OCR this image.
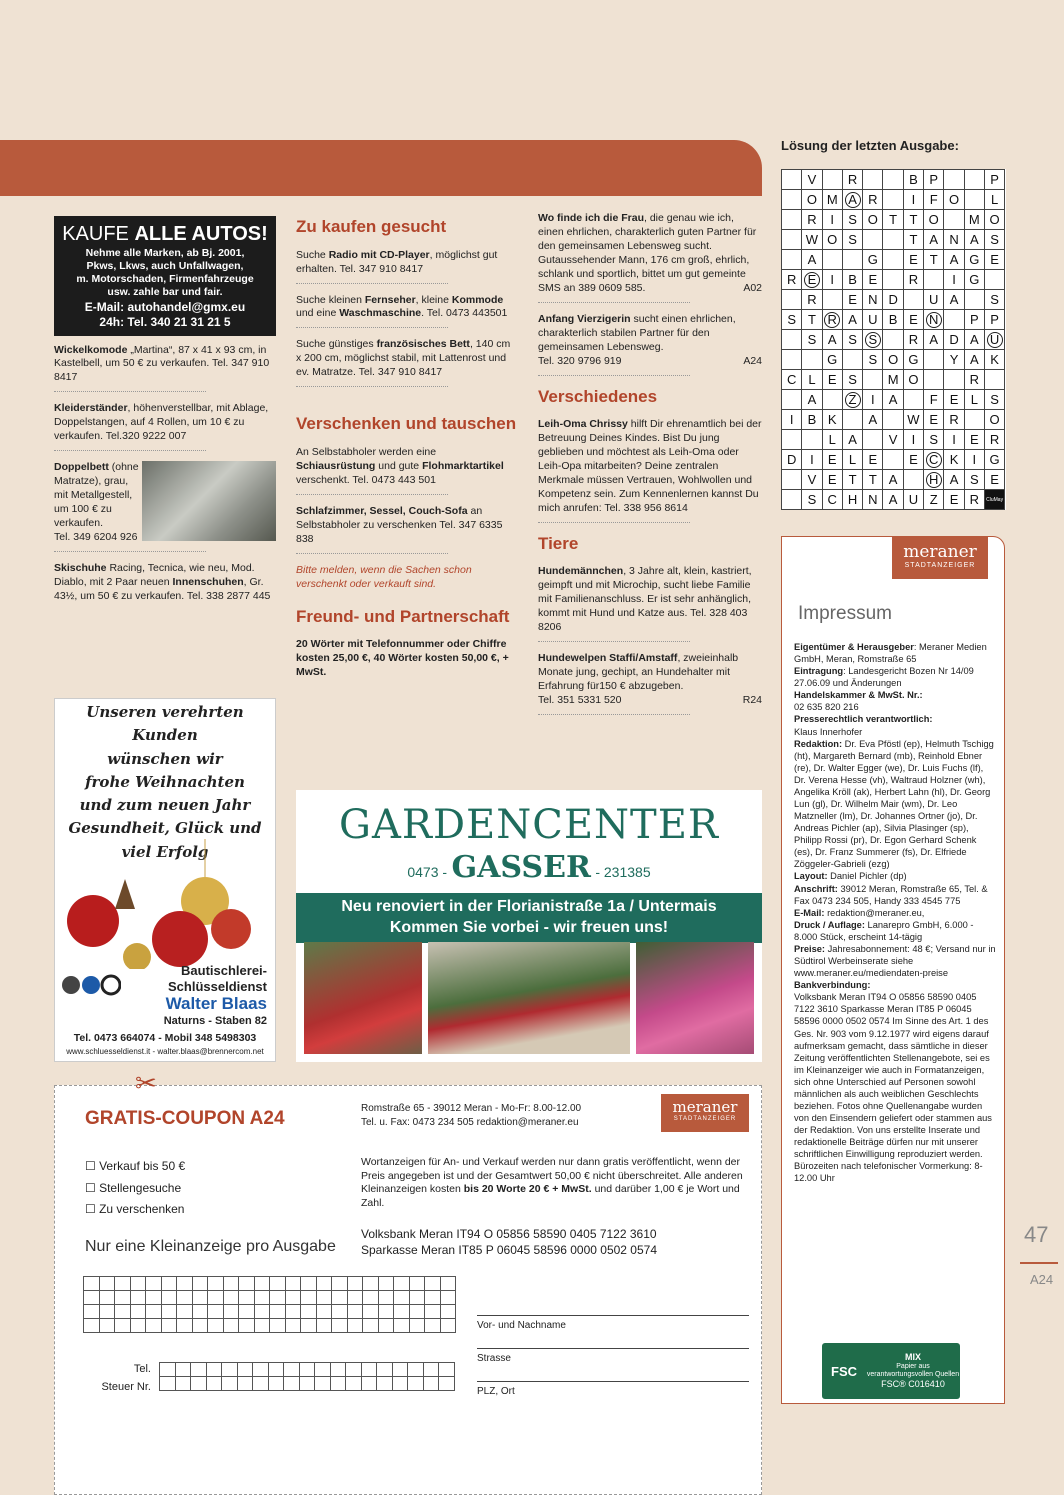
KAUFE ALLE AUTOS!
Nehme alle Marken, ab Bj. 2001,
Pkws, Lkws, auch Unfallwagen,
m. Motorschaden, Firmenfahrzeuge
usw. zahle bar und fair.
E-Mail: autohandel@gmx.eu
24h: Tel. 340 21 31 21 5
Wickelkomode „Martina“, 87 x 41 x 93 cm, in Kastelbell, um 50 € zu verkaufen. Tel. 347 910 8417
Kleiderständer, höhenverstellbar, mit Ablage, Doppelstangen, auf 4 Rollen, um 10 € zu verkaufen. Tel.320 9222 007
Doppelbett (ohne Matratze), grau, mit Metallgestell, um 100 € zu verkaufen.
Tel. 349 6204 926
Skischuhe Racing, Tecnica, wie neu, Mod. Diablo, mit 2 Paar neuen Innenschuhen, Gr. 43½, um 50 € zu verkaufen. Tel. 338 2877 445
Unseren verehrten Kunden
wünschen wir
frohe Weihnachten
und zum neuen Jahr
Gesundheit, Glück und
viel Erfolg
Bautischlerei-
Schlüsseldienst
Walter Blaas
Naturns - Staben 82
Tel. 0473 664074 - Mobil 348 5498303
www.schluesseldienst.it - walter.blaas@brennercom.net
Zu kaufen gesucht
Suche Radio mit CD-Player, möglichst gut erhalten. Tel. 347 910 8417
Suche kleinen Fernseher, kleine Kommode und eine Waschmaschine. Tel. 0473 443501
Suche günstiges französisches Bett, 140 cm x 200 cm, möglichst stabil, mit Lattenrost und ev. Matratze. Tel. 347 910 8417
Verschenken und tauschen
An Selbstabholer werden eine Schiausrüstung und gute Flohmarktartikel verschenkt. Tel. 0473 443 501
Schlafzimmer, Sessel, Couch-Sofa an Selbstabholer zu verschenken Tel. 347 6335 838
Bitte melden, wenn die Sachen schon verschenkt oder verkauft sind.
Freund- und Partnerschaft
20 Wörter mit Telefonnummer oder Chiffre kosten 25,00 €, 40 Wörter kosten 50,00 €, + MwSt.
Wo finde ich die Frau, die genau wie ich, einen ehrlichen, charakterlich guten Partner für den gemeinsamen Lebensweg sucht. Gutaussehender Mann, 176 cm groß, ehrlich, schlank und sportlich, bittet um gut gemeinte SMS an 389 0609 585.	A02
Anfang Vierzigerin sucht einen ehrlichen, charakterlich stabilen Partner für den gemeinsamen Lebensweg.
Tel. 320 9796 919	A24
Verschiedenes
Leih-Oma Chrissy hilft Dir ehrenamtlich bei der Betreuung Deines Kindes. Bist Du jung geblieben und möchtest als Leih-Oma oder Leih-Opa mitarbeiten? Deine zentralen Merkmale müssen Vertrauen, Wohlwollen und Kompetenz sein. Zum Kennenlernen kannst Du mich anrufen: Tel. 338 956 8614
Tiere
Hundemännchen, 3 Jahre alt, klein, kastriert, geimpft und mit Microchip, sucht liebe Familie mit Familienanschluss. Er ist sehr anhänglich, kommt mit Hund und Katze aus. Tel. 328 403 8206
Hundewelpen Staffi/Amstaff, zweieinhalb Monate jung, gechipt, an Hundehalter mit Erfahrung für150 € abzugeben.
Tel. 351 5331 520	R24
GARDENCENTER
0473 - GASSER - 231385
Neu renoviert in der Florianistraße 1a / Untermais
Kommen Sie vorbei - wir freuen uns!
Lösung der letzten Ausgabe:
	V		R			B	P			P
	O	M	A	R		I	F	O		L
	R	I	S	O	T	T	O		M	O
	W	O	S			T	A	N	A	S
	A			G		E	T	A	G	E
R	E	I	B	E		R		I	G	
	R		E	N	D		U	A		S
S	T	R	A	U	B	E	N		P	P
	S	A	S	S		R	A	D	A	U
		G		S	O	G		Y	A	K
C	L	E	S		M	O			R	
	A		Z	I	A		F	E	L	S
I	B	K		A		W	E	R		O
		L	A		V	I	S	I	E	R
D	I	E	L	E		E	C	K	I	G
	V	E	T	T	A		H	A	S	E
	S	C	H	N	A	U	Z	E	R	CluMay
meraner
STADTANZEIGER
Impressum
Eigentümer & Herausgeber: Meraner Medien GmbH, Meran, Romstraße 65
Eintragung: Landesgericht Bozen Nr 14/09 27.06.09 und Änderungen
Handelskammer & MwSt. Nr.:
02 635 820 216
Presserechtlich verantwortlich:
Klaus Innerhofer
Redaktion: Dr. Eva Pföstl (ep), Helmuth Tschigg (ht), Margareth Bernard (mb), Reinhold Ebner (re), Dr. Walter Egger (we), Dr. Luis Fuchs (lf), Dr. Verena Hesse (vh), Waltraud Holzner (wh), Angelika Kröll (ak), Herbert Lahn (hl), Dr. Georg Lun (gl), Dr. Wilhelm Mair (wm), Dr. Leo Matzneller (lm), Dr. Johannes Ortner (jo), Dr. Andreas Pichler (ap), Silvia Plasinger (sp), Philipp Rossi (pr), Dr. Egon Gerhard Schenk (es), Dr. Franz Summerer (fs), Dr. Elfriede Zöggeler-Gabrieli (ezg)
Layout: Daniel Pichler (dp)
Anschrift: 39012 Meran, Romstraße 65, Tel. & Fax 0473 234 505, Handy 333 4545 775
E-Mail: redaktion@meraner.eu,
Druck / Auflage: Lanarepro GmbH, 6.000 - 8.000 Stück, erscheint 14-tägig
Preise: Jahresabonnement: 48 €; Versand nur in Südtirol Werbeinserate siehe www.meraner.eu/mediendaten-preise
Bankverbindung:
Volksbank Meran IT94 O 05856 58590 0405 7122 3610 Sparkasse Meran IT85 P 06045 58596 0000 0502 0574 Im Sinne des Art. 1 des Ges. Nr. 903 vom 9.12.1977 wird eigens darauf aufmerksam gemacht, dass sämtliche in dieser Zeitung veröffentlichten Stellenangebote, sei es im Kleinanzeiger wie auch in Formatanzeigen, sich ohne Unterschied auf Personen sowohl männlichen als auch weiblichen Geschlechts beziehen. Fotos ohne Quellenangabe wurden von den Einsendern geliefert oder stammen aus der Redaktion. Von uns erstellte Inserate und redaktionelle Beiträge dürfen nur mit unserer schriftlichen Einwilligung reproduziert werden.
Bürozeiten nach telefonischer Vormerkung: 8-12.00 Uhr
FSC
MIX
Papier aus verantwortungsvollen Quellen
FSC® C016410
47
A24
✂
GRATIS-COUPON A24	Romstraße 65 - 39012 Meran - Mo-Fr: 8.00-12.00
Tel. u. Fax: 0473 234 505 redaktion@meraner.eu
meraner
STADTANZEIGER
☐ Verkauf bis 50 €
☐ Stellengesuche
☐ Zu verschenken
Wortanzeigen für An- und Verkauf werden nur dann gratis veröffentlicht, wenn der Preis angegeben ist und der Gesamtwert 50,00 € nicht überschreitet. Alle anderen Kleinanzeigen kosten bis 20 Worte 20 € + MwSt. und darüber 1,00 € je Wort und Zahl.
Volksbank Meran IT94 O 05856 58590 0405 7122 3610
Sparkasse Meran IT85 P 06045 58596 0000 0502 0574
Nur eine Kleinanzeige pro Ausgabe

Tel.
Steuer Nr.

Vor- und Nachname
Strasse
PLZ, Ort
